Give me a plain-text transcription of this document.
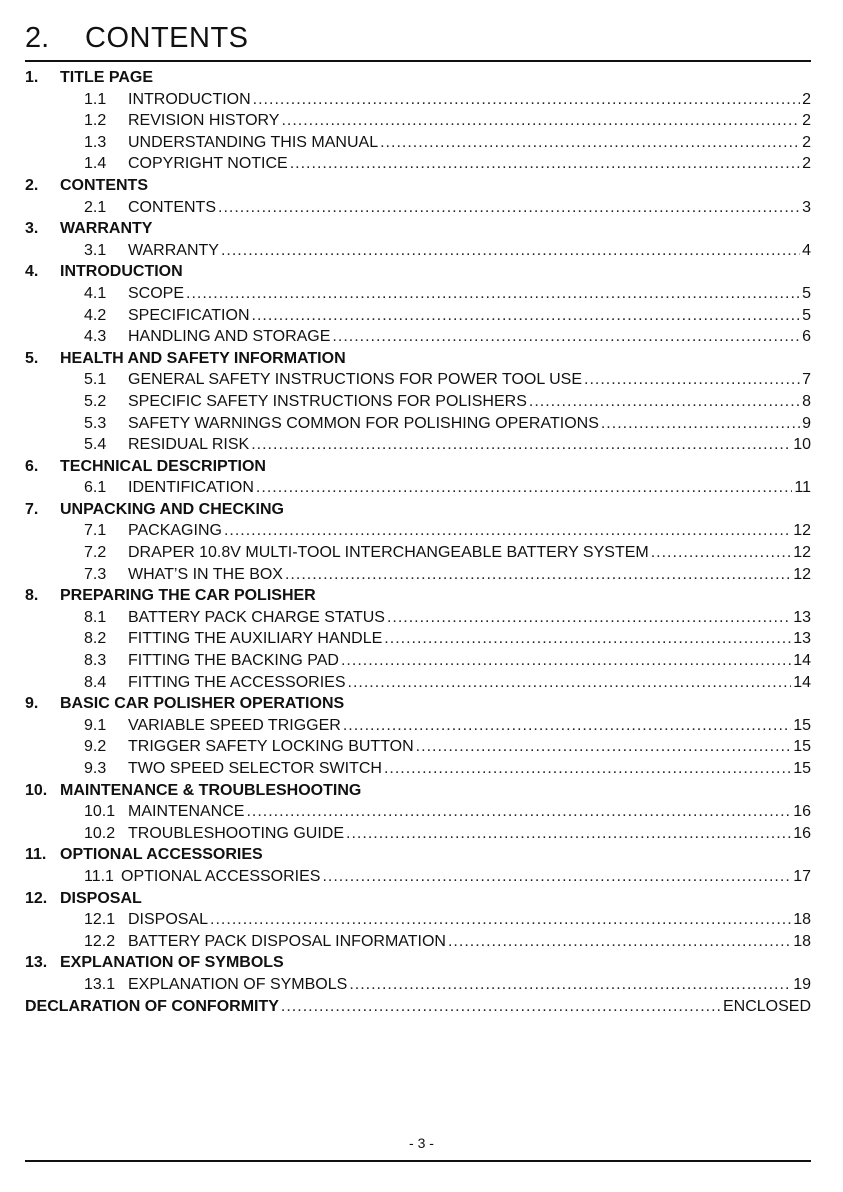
2. CONTENTS
1. TITLE PAGE
1.1 INTRODUCTION .....	2
1.2 REVISION HISTORY .....	2
1.3 UNDERSTANDING THIS MANUAL .....	2
1.4 COPYRIGHT NOTICE .....	2
2. CONTENTS
2.1 CONTENTS .....	3
3. WARRANTY
3.1 WARRANTY .....	4
4. INTRODUCTION
4.1 SCOPE .....	5
4.2 SPECIFICATION .....	5
4.3 HANDLING AND STORAGE .....	6
5. HEALTH AND SAFETY INFORMATION
5.1 GENERAL SAFETY INSTRUCTIONS FOR POWER TOOL USE .....	7
5.2 SPECIFIC SAFETY INSTRUCTIONS FOR POLISHERS .....	8
5.3 SAFETY WARNINGS COMMON FOR POLISHING OPERATIONS .....	9
5.4 RESIDUAL RISK .....	10
6. TECHNICAL DESCRIPTION
6.1 IDENTIFICATION .....	11
7. UNPACKING AND CHECKING
7.1 PACKAGING .....	12
7.2 DRAPER 10.8V MULTI-TOOL INTERCHANGEABLE BATTERY SYSTEM .....	12
7.3 WHAT’S IN THE BOX .....	12
8. PREPARING THE CAR POLISHER
8.1 BATTERY PACK CHARGE STATUS .....	13
8.2 FITTING THE AUXILIARY HANDLE .....	13
8.3 FITTING THE BACKING PAD .....	14
8.4 FITTING THE ACCESSORIES .....	14
9. BASIC CAR POLISHER OPERATIONS
9.1 VARIABLE SPEED TRIGGER .....	15
9.2 TRIGGER SAFETY LOCKING BUTTON .....	15
9.3 TWO SPEED SELECTOR SWITCH .....	15
10. MAINTENANCE & TROUBLESHOOTING
10.1 MAINTENANCE .....	16
10.2 TROUBLESHOOTING GUIDE .....	16
11. OPTIONAL ACCESSORIES
11.1 OPTIONAL ACCESSORIES .....	17
12. DISPOSAL
12.1 DISPOSAL .....	18
12.2 BATTERY PACK DISPOSAL INFORMATION .....	18
13. EXPLANATION OF SYMBOLS
13.1 EXPLANATION OF SYMBOLS .....	19
DECLARATION OF CONFORMITY .....	ENCLOSED
- 3 -
